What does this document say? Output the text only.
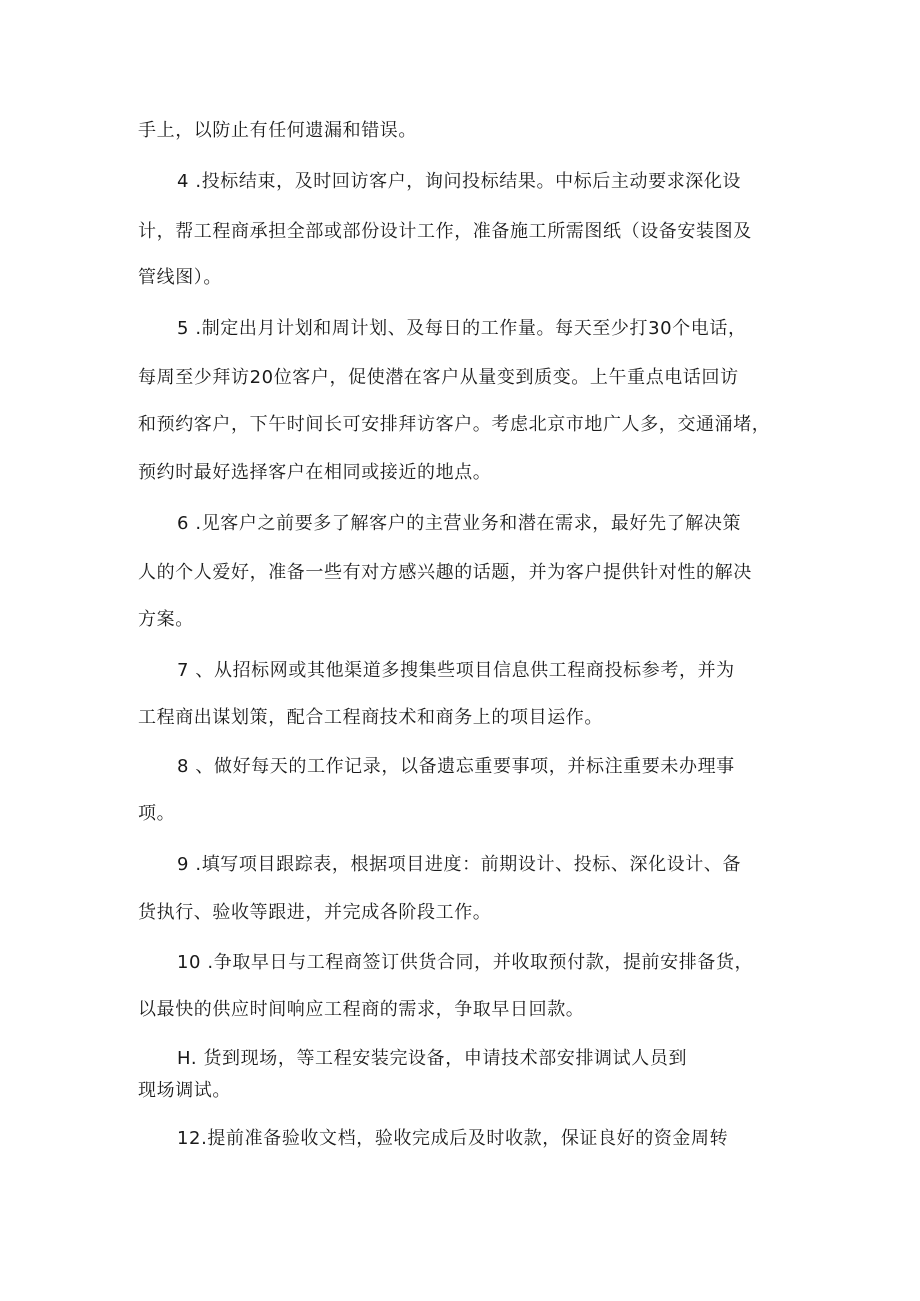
手上，以防止有任何遗漏和错误。
4 .投标结束，及时回访客户，询问投标结果。中标后主动要求深化设
计，帮工程商承担全部或部份设计工作，准备施工所需图纸（设备安装图及
管线图）。
5 .制定出月计划和周计划、及每日的工作量。每天至少打30个电话，
每周至少拜访20位客户，促使潜在客户从量变到质变。上午重点电话回访
和预约客户，下午时间长可安排拜访客户。考虑北京市地广人多，交通涌堵，
预约时最好选择客户在相同或接近的地点。
6 .见客户之前要多了解客户的主营业务和潜在需求，最好先了解决策
人的个人爱好，准备一些有对方感兴趣的话题，并为客户提供针对性的解决
方案。
7 、从招标网或其他渠道多搜集些项目信息供工程商投标参考，并为
工程商出谋划策，配合工程商技术和商务上的项目运作。
8 、做好每天的工作记录，以备遗忘重要事项，并标注重要未办理事
项。
9 .填写项目跟踪表，根据项目进度：前期设计、投标、深化设计、备
货执行、验收等跟进，并完成各阶段工作。
10 .争取早日与工程商签订供货合同，并收取预付款，提前安排备货，
以最快的供应时间响应工程商的需求，争取早日回款。
H. 货到现场，等工程安装完设备，申请技术部安排调试人员到
现场调试。
12.提前准备验收文档，验收完成后及时收款，保证良好的资金周转
